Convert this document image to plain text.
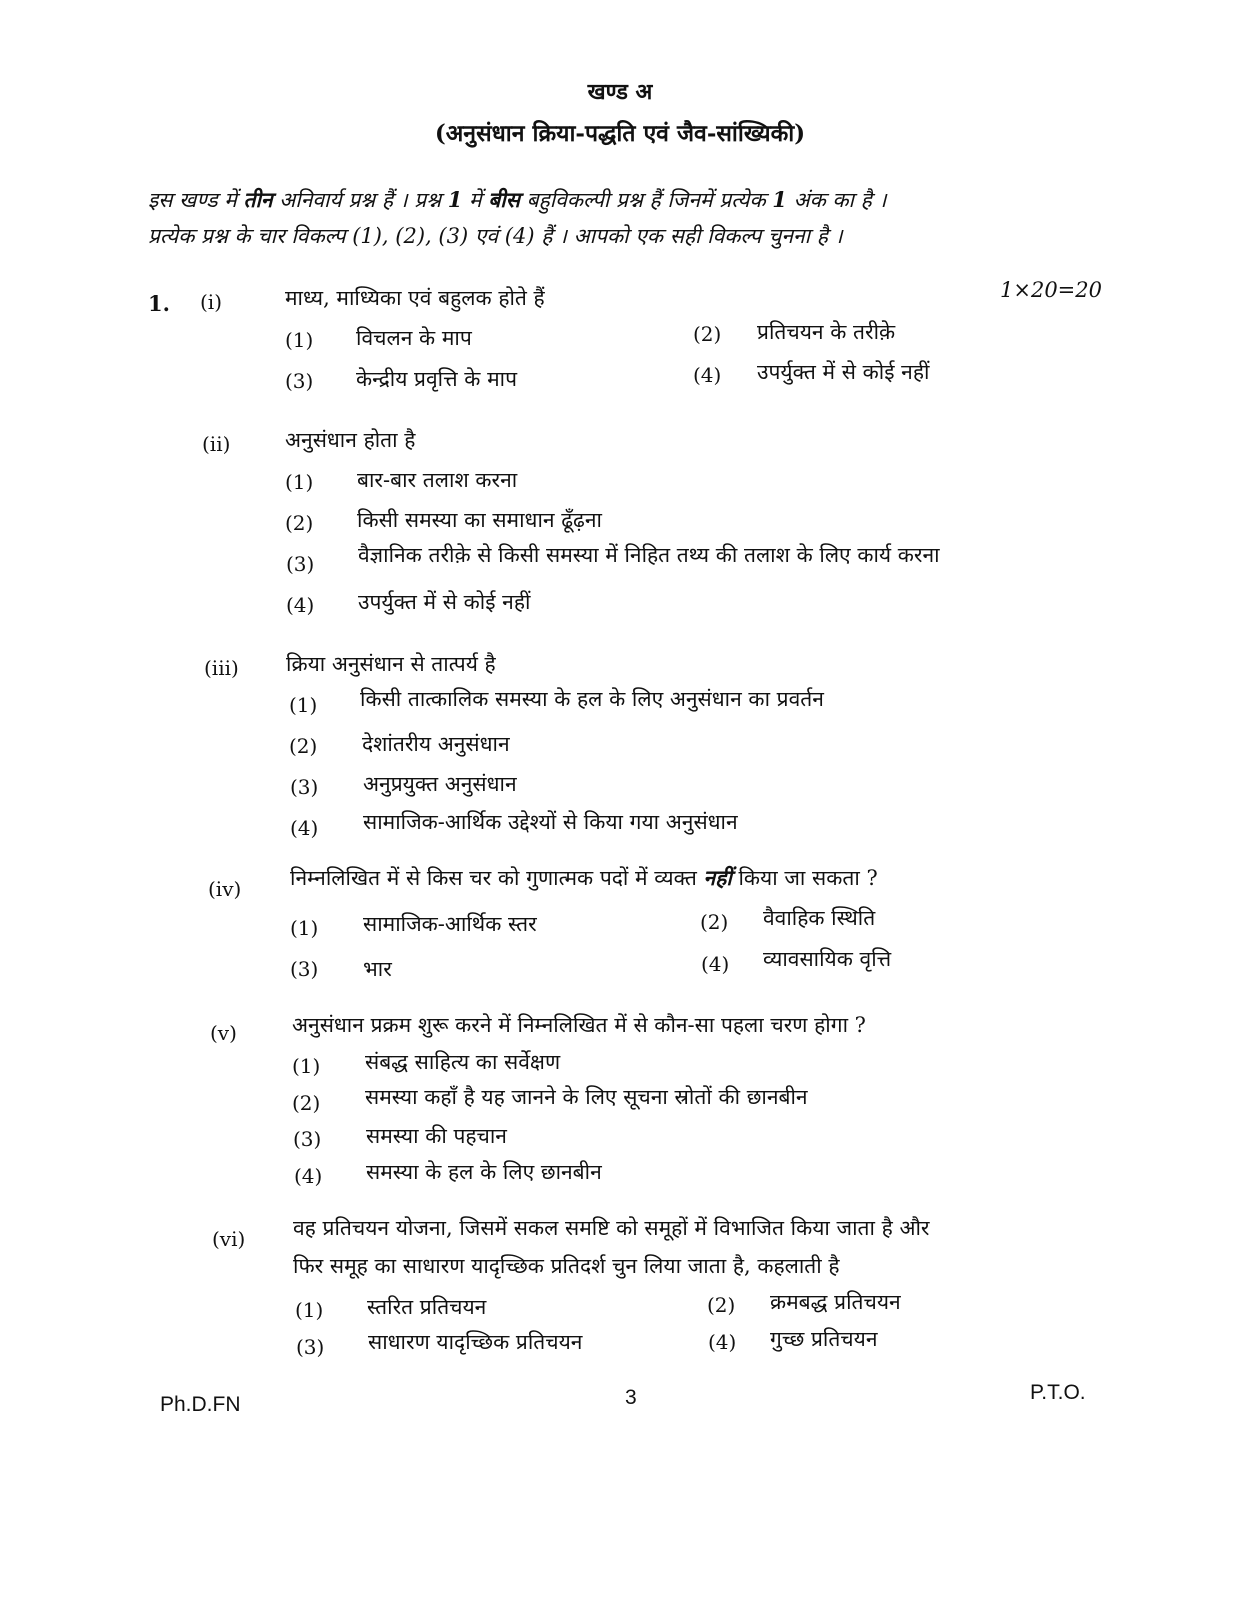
खण्ड अ
(अनुसंधान क्रिया-पद्धति एवं जैव-सांख्यिकी)
इस खण्ड में तीन अनिवार्य प्रश्न हैं । प्रश्न 1 में बीस बहुविकल्पी प्रश्न हैं जिनमें प्रत्येक 1 अंक का है ।
प्रत्येक प्रश्न के चार विकल्प (1), (2), (3) एवं (4) हैं । आपको एक सही विकल्प चुनना है ।
1.
1×20=20
(i)	माध्य, माध्यिका एवं बहुलक होते हैं
(1) विचलन के माप	(2) प्रतिचयन के तरीक़े
(3) केन्द्रीय प्रवृत्ति के माप	(4) उपर्युक्त में से कोई नहीं
(ii)	अनुसंधान होता है
(1) बार-बार तलाश करना
(2) किसी समस्या का समाधान ढूँढ़ना
(3) वैज्ञानिक तरीक़े से किसी समस्या में निहित तथ्य की तलाश के लिए कार्य करना
(4) उपर्युक्त में से कोई नहीं
(iii) क्रिया अनुसंधान से तात्पर्य है
(1) किसी तात्कालिक समस्या के हल के लिए अनुसंधान का प्रवर्तन
(2) देशांतरीय अनुसंधान
(3) अनुप्रयुक्त अनुसंधान
(4) सामाजिक-आर्थिक उद्देश्यों से किया गया अनुसंधान
(iv) निम्नलिखित में से किस चर को गुणात्मक पदों में व्यक्त नहीं किया जा सकता ?
(1) सामाजिक-आर्थिक स्तर	(2) वैवाहिक स्थिति
(3) भार	(4) व्यावसायिक वृत्ति
(v)	अनुसंधान प्रक्रम शुरू करने में निम्नलिखित में से कौन-सा पहला चरण होगा ?
(1) संबद्ध साहित्य का सर्वेक्षण
(2) समस्या कहाँ है यह जानने के लिए सूचना स्रोतों की छानबीन
(3) समस्या की पहचान
(4) समस्या के हल के लिए छानबीन
(vi) वह प्रतिचयन योजना, जिसमें सकल समष्टि को समूहों में विभाजित किया जाता है और
फिर समूह का साधारण यादृच्छिक प्रतिदर्श चुन लिया जाता है, कहलाती है
(1) स्तरित प्रतिचयन	(2) क्रमबद्ध प्रतिचयन
(3) साधारण यादृच्छिक प्रतिचयन	(4) गुच्छ प्रतिचयन
Ph.D.FN	3	P.T.O.
